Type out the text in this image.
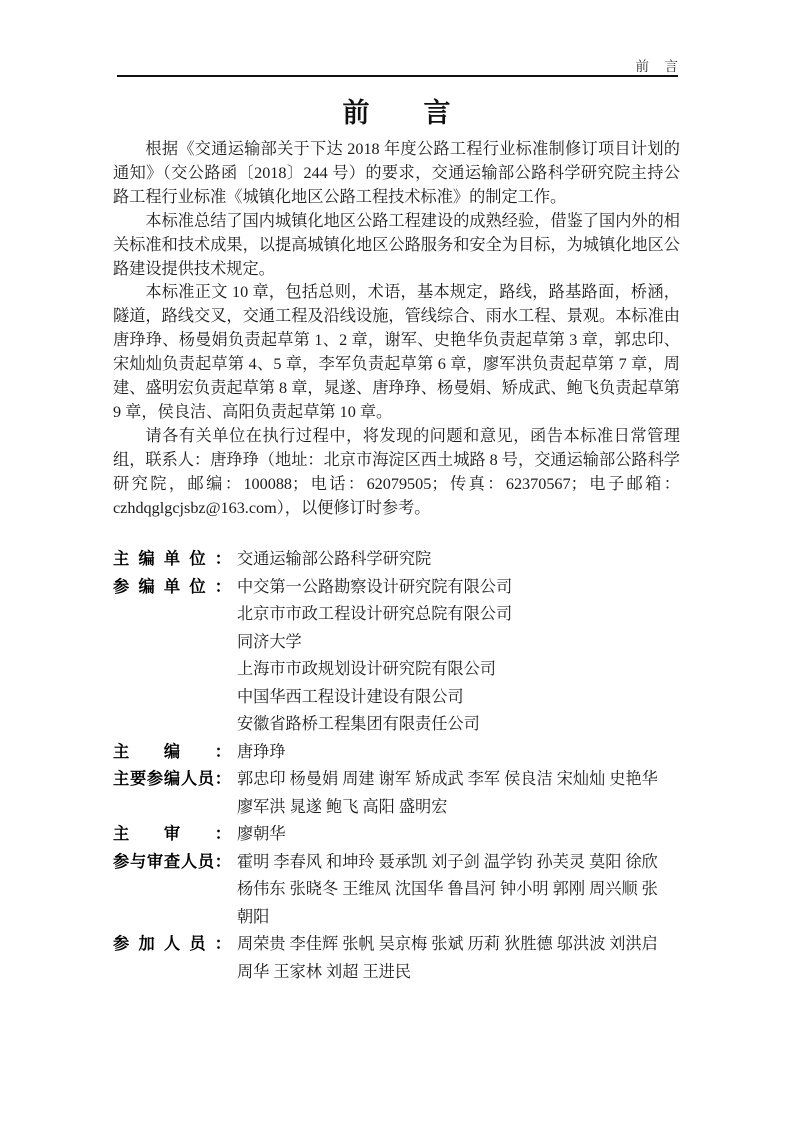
前　言
前　　言

根据《交通运输部关于下达 2018 年度公路工程行业标准制修订项目计划的通知》（交公路函〔2018〕244 号）的要求，交通运输部公路科学研究院主持公路工程行业标准《城镇化地区公路工程技术标准》的制定工作。

本标准总结了国内城镇化地区公路工程建设的成熟经验，借鉴了国内外的相关标准和技术成果，以提高城镇化地区公路服务和安全为目标，为城镇化地区公路建设提供技术规定。

本标准正文 10 章，包括总则，术语，基本规定，路线，路基路面，桥涵，隧道，路线交叉，交通工程及沿线设施，管线综合、雨水工程、景观。本标准由唐琤琤、杨曼娟负责起草第 1、2 章，谢军、史艳华负责起草第 3 章，郭忠印、宋灿灿负责起草第 4、5 章，李军负责起草第 6 章，廖军洪负责起草第 7 章，周建、盛明宏负责起草第 8 章，晁遂、唐琤琤、杨曼娟、矫成武、鲍飞负责起草第 9 章，侯良洁、高阳负责起草第 10 章。

请各有关单位在执行过程中，将发现的问题和意见，函告本标准日常管理组，联系人：唐琤琤（地址：北京市海淀区西土城路 8 号，交通运输部公路科学研究院，邮编：100088；电话：62079505；传真：62370567；电子邮箱：czhdqglgcjsbz@163.com），以便修订时参考。

主编单位： 交通运输部公路科学研究院
参编单位： 中交第一公路勘察设计研究院有限公司
北京市市政工程设计研究总院有限公司
同济大学
上海市市政规划设计研究院有限公司
中国华西工程设计建设有限公司
安徽省路桥工程集团有限责任公司
主编： 唐琤琤
主要参编人员： 郭忠印 杨曼娟 周建 谢军 矫成武 李军 侯良洁 宋灿灿 史艳华
廖军洪 晁遂 鲍飞 高阳 盛明宏
主审： 廖朝华
参与审查人员： 霍明 李春风 和坤玲 聂承凯 刘子剑 温学钧 孙芙灵 莫阳 徐欣
杨伟东 张晓冬 王维凤 沈国华 鲁昌河 钟小明 郭刚 周兴顺 张
朝阳
参加人员： 周荣贵 李佳辉 张帆 吴京梅 张斌 历莉 狄胜德 邬洪波 刘洪启
周华 王家林 刘超 王进民
